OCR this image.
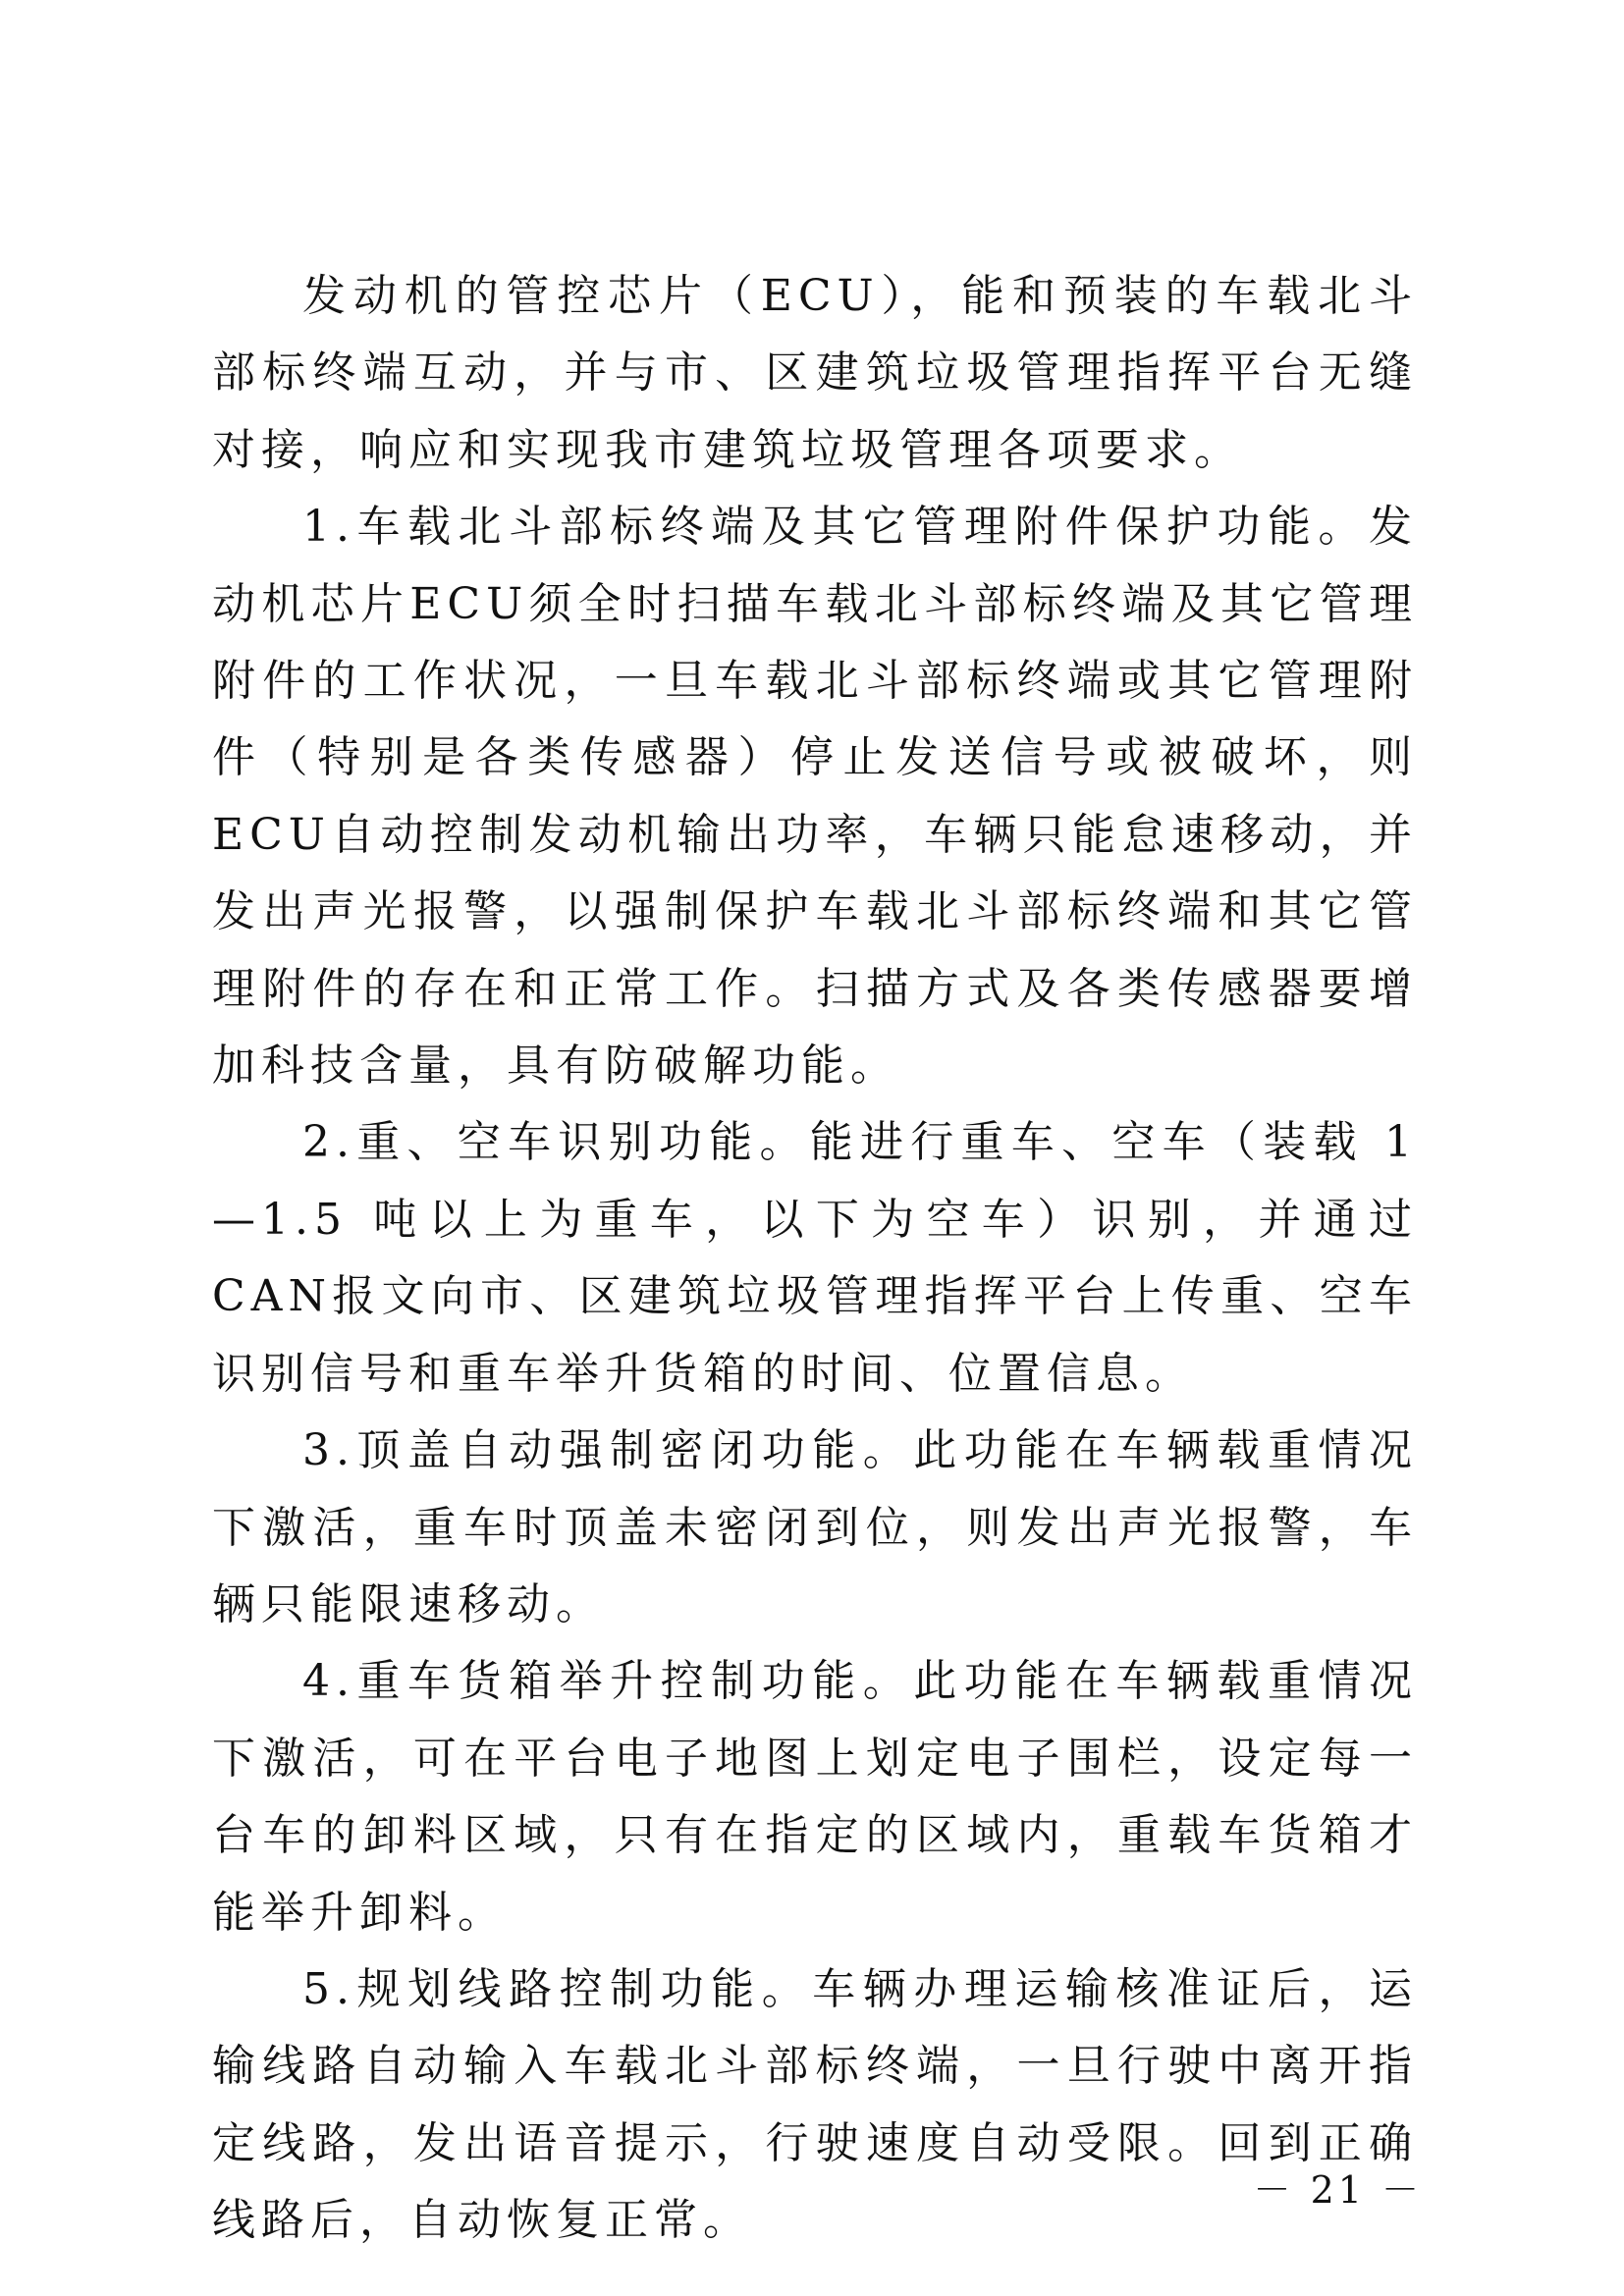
发动机的管控芯片（ECU），能和预装的车载北斗部标终端互动，并与市、区建筑垃圾管理指挥平台无缝对接，响应和实现我市建筑垃圾管理各项要求。

1.车载北斗部标终端及其它管理附件保护功能。发动机芯片ECU须全时扫描车载北斗部标终端及其它管理附件的工作状况，一旦车载北斗部标终端或其它管理附件（特别是各类传感器）停止发送信号或被破坏，则ECU自动控制发动机输出功率，车辆只能怠速移动，并发出声光报警，以强制保护车载北斗部标终端和其它管理附件的存在和正常工作。扫描方式及各类传感器要增加科技含量，具有防破解功能。

2.重、空车识别功能。能进行重车、空车（装载 1—1.5 吨以上为重车，以下为空车）识别，并通过CAN报文向市、区建筑垃圾管理指挥平台上传重、空车识别信号和重车举升货箱的时间、位置信息。

3.顶盖自动强制密闭功能。此功能在车辆载重情况下激活，重车时顶盖未密闭到位，则发出声光报警，车辆只能限速移动。

4.重车货箱举升控制功能。此功能在车辆载重情况下激活，可在平台电子地图上划定电子围栏，设定每一台车的卸料区域，只有在指定的区域内，重载车货箱才能举升卸料。

5.规划线路控制功能。车辆办理运输核准证后，运输线路自动输入车载北斗部标终端，一旦行驶中离开指定线路，发出语音提示，行驶速度自动受限。回到正确线路后，自动恢复正常。

－ 21 －
